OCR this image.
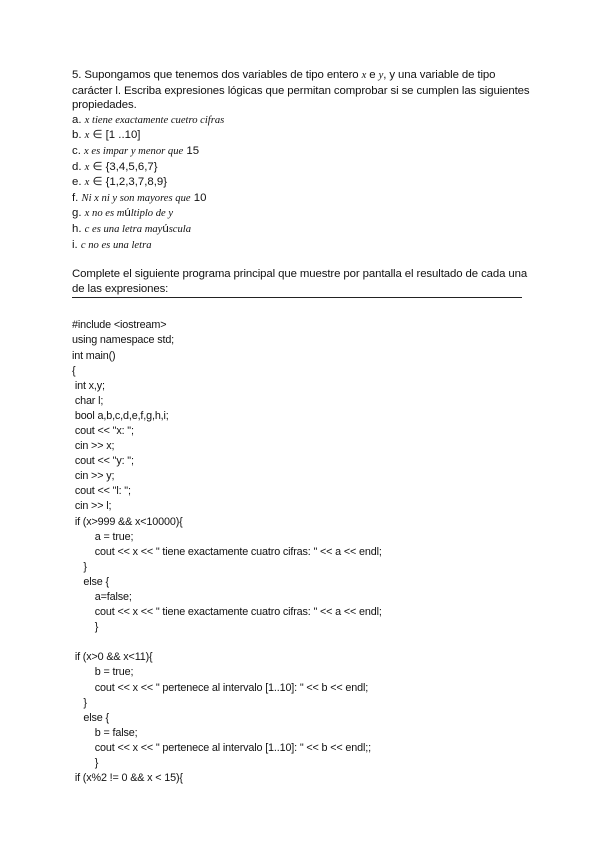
5. Supongamos que tenemos dos variables de tipo entero x e y, y una variable de tipo carácter l. Escriba expresiones lógicas que permitan comprobar si se cumplen las siguientes propiedades.

a. x tiene exactamente cuetro cifras
b. x ∈ [1 ..10]
c. x es impar y menor que 15
d. x ∈ {3,4,5,6,7}
e. x ∈ {1,2,3,7,8,9}
f. Ni x ni y son mayores que 10
g. x no es múltiplo de y
h. c es una letra mayúscula
i. c no es una letra

Complete el siguiente programa principal que muestre por pantalla el resultado de cada una de las expresiones:

#include <iostream>
using namespace std;
int main()
{
int x,y;
char l;
bool a,b,c,d,e,f,g,h,i;
cout << "x: ";
cin >> x;
cout << "y: ";
cin >> y;
cout << "l: ";
cin >> l;
if (x>999 && x<10000){
a = true;
cout << x << " tiene exactamente cuatro cifras: " << a << endl;
}
else {
a=false;
cout << x << " tiene exactamente cuatro cifras: " << a << endl;
}
if (x>0 && x<11){
b = true;
cout << x << " pertenece al intervalo [1..10]: " << b << endl;
}
else {
b = false;
cout << x << " pertenece al intervalo [1..10]: " << b << endl;;
}
if (x%2 != 0 && x < 15){
